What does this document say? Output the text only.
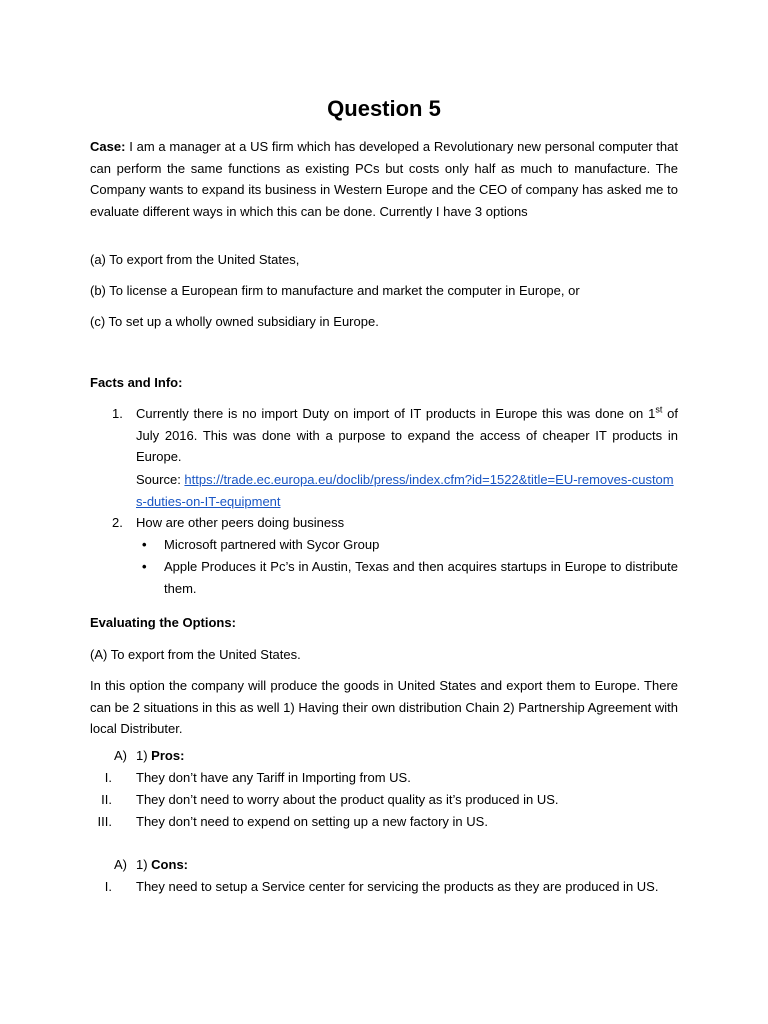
Question 5
Case: I am a manager at a US firm which has developed a Revolutionary new personal computer that can perform the same functions as existing PCs but costs only half as much to manufacture. The Company wants to expand its business in Western Europe and the CEO of company has asked me to evaluate different ways in which this can be done. Currently I have 3 options
(a) To export from the United States,
(b) To license a European firm to manufacture and market the computer in Europe, or
(c) To set up a wholly owned subsidiary in Europe.
Facts and Info:
1. Currently there is no import Duty on import of IT products in Europe this was done on 1st of July 2016. This was done with a purpose to expand the access of cheaper IT products in Europe.
Source: https://trade.ec.europa.eu/doclib/press/index.cfm?id=1522&title=EU-removes-customs-duties-on-IT-equipment
2. How are other peers doing business
• Microsoft partnered with Sycor Group
• Apple Produces it Pc’s in Austin, Texas and then acquires startups in Europe to distribute them.
Evaluating the Options:
(A) To export from the United States.
In this option the company will produce the goods in United States and export them to Europe. There can be 2 situations in this as well 1) Having their own distribution Chain 2) Partnership Agreement with local Distributer.
A) 1) Pros:
I. They don’t have any Tariff in Importing from US.
II. They don’t need to worry about the product quality as it’s produced in US.
III. They don’t need to expend on setting up a new factory in US.
A) 1) Cons:
I. They need to setup a Service center for servicing the products as they are produced in US.
